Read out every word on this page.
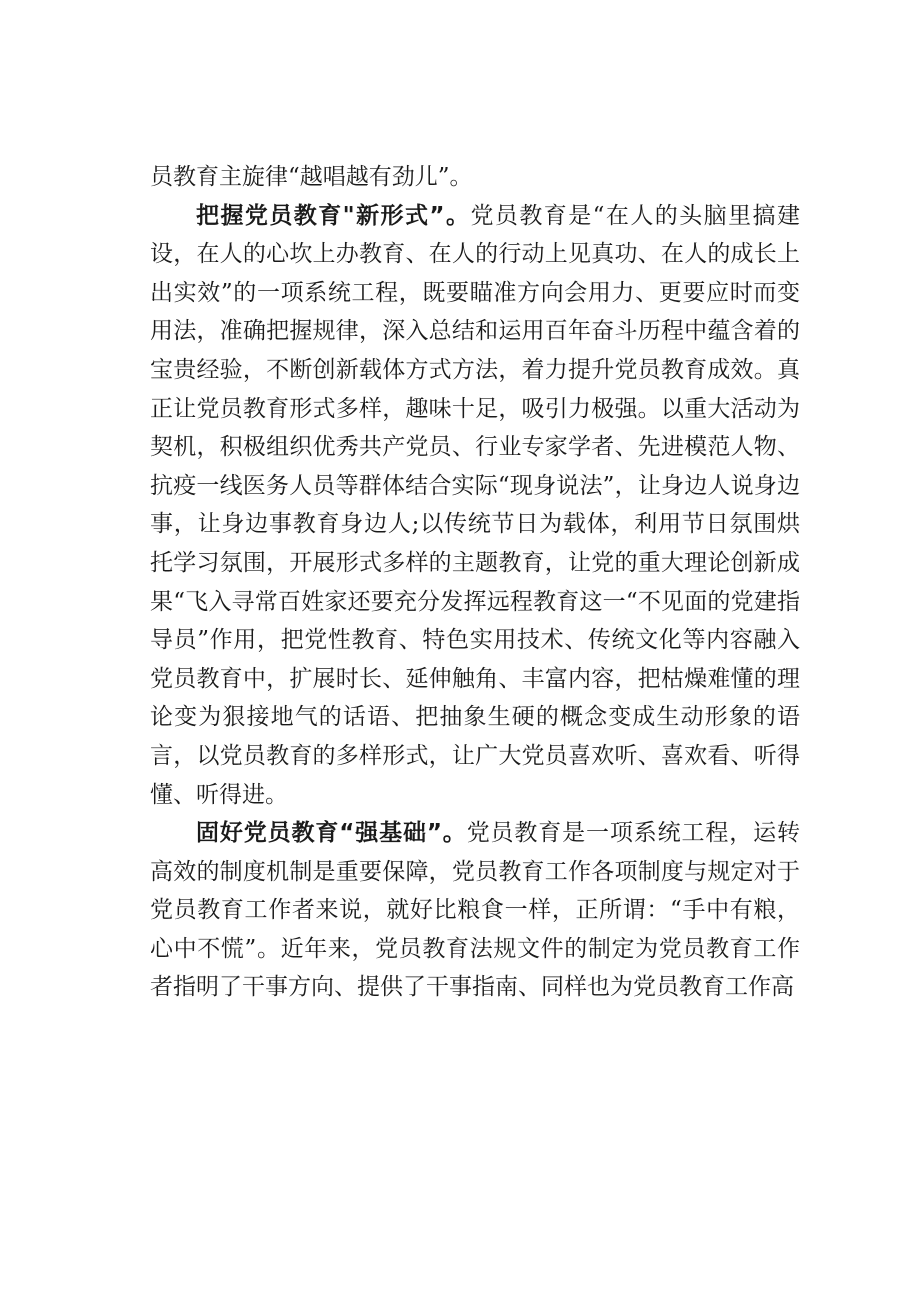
员教育主旋律“越唱越有劲儿”。

把握党员教育"新形式”。党员教育是“在人的头脑里搞建设，在人的心坎上办教育、在人的行动上见真功、在人的成长上出实效”的一项系统工程，既要瞄准方向会用力、更要应时而变用法，准确把握规律，深入总结和运用百年奋斗历程中蕴含着的宝贵经验，不断创新载体方式方法，着力提升党员教育成效。真正让党员教育形式多样，趣味十足，吸引力极强。以重大活动为契机，积极组织优秀共产党员、行业专家学者、先进模范人物、抗疫一线医务人员等群体结合实际“现身说法”，让身边人说身边事，让身边事教育身边人;以传统节日为载体，利用节日氛围烘托学习氛围，开展形式多样的主题教育，让党的重大理论创新成果“飞入寻常百姓家还要充分发挥远程教育这一“不见面的党建指导员”作用，把党性教育、特色实用技术、传统文化等内容融入党员教育中，扩展时长、延伸触角、丰富内容，把枯燥难懂的理论变为狠接地气的话语、把抽象生硬的概念变成生动形象的语言，以党员教育的多样形式，让广大党员喜欢听、喜欢看、听得懂、听得进。

固好党员教育“强基础”。党员教育是一项系统工程，运转高效的制度机制是重要保障，党员教育工作各项制度与规定对于党员教育工作者来说，就好比粮食一样，正所谓：“手中有粮，心中不慌”。近年来，党员教育法规文件的制定为党员教育工作者指明了干事方向、提供了干事指南、同样也为党员教育工作高
